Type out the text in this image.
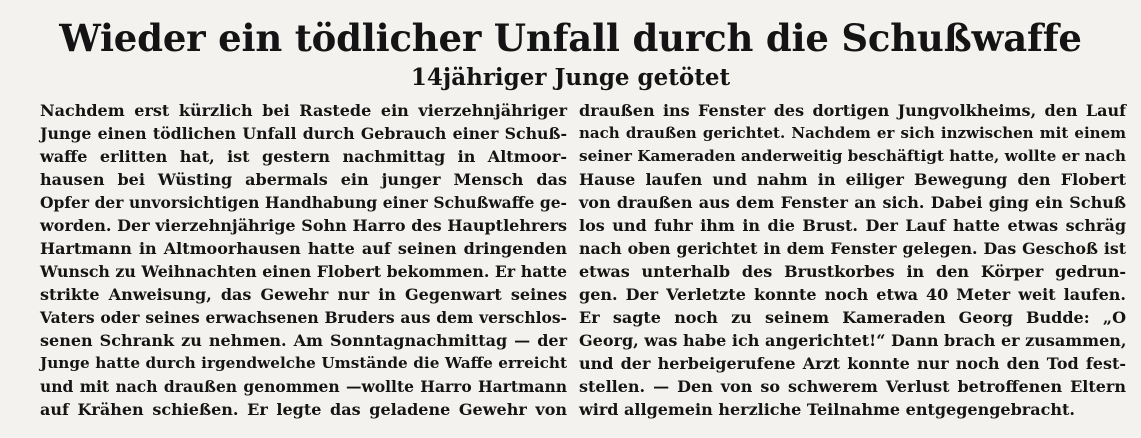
Wieder ein tödlicher Unfall durch die Schußwaffe
14jähriger Junge getötet
Nachdem erst kürzlich bei Rastede ein vierzehnjähriger
Junge einen tödlichen Unfall durch Gebrauch einer Schuß-
waffe erlitten hat, ist gestern nachmittag in Altmoor-
hausen bei Wüsting abermals ein junger Mensch das
Opfer der unvorsichtigen Handhabung einer Schußwaffe ge-
worden. Der vierzehnjährige Sohn Harro des Hauptlehrers
Hartmann in Altmoorhausen hatte auf seinen dringenden
Wunsch zu Weihnachten einen Flobert bekommen. Er hatte
strikte Anweisung, das Gewehr nur in Gegenwart seines
Vaters oder seines erwachsenen Bruders aus dem verschlos-
senen Schrank zu nehmen. Am Sonntagnachmittag — der
Junge hatte durch irgendwelche Umstände die Waffe erreicht
und mit nach draußen genommen —wollte Harro Hartmann
auf Krähen schießen. Er legte das geladene Gewehr von
draußen ins Fenster des dortigen Jungvolkheims, den Lauf
nach draußen gerichtet. Nachdem er sich inzwischen mit einem
seiner Kameraden anderweitig beschäftigt hatte, wollte er nach
Hause laufen und nahm in eiliger Bewegung den Flobert
von draußen aus dem Fenster an sich. Dabei ging ein Schuß
los und fuhr ihm in die Brust. Der Lauf hatte etwas schräg
nach oben gerichtet in dem Fenster gelegen. Das Geschoß ist
etwas unterhalb des Brustkorbes in den Körper gedrun-
gen. Der Verletzte konnte noch etwa 40 Meter weit laufen.
Er sagte noch zu seinem Kameraden Georg Budde: „O
Georg, was habe ich angerichtet!“ Dann brach er zusammen,
und der herbeigerufene Arzt konnte nur noch den Tod fest-
stellen. — Den von so schwerem Verlust betroffenen Eltern
wird allgemein herzliche Teilnahme entgegengebracht.
